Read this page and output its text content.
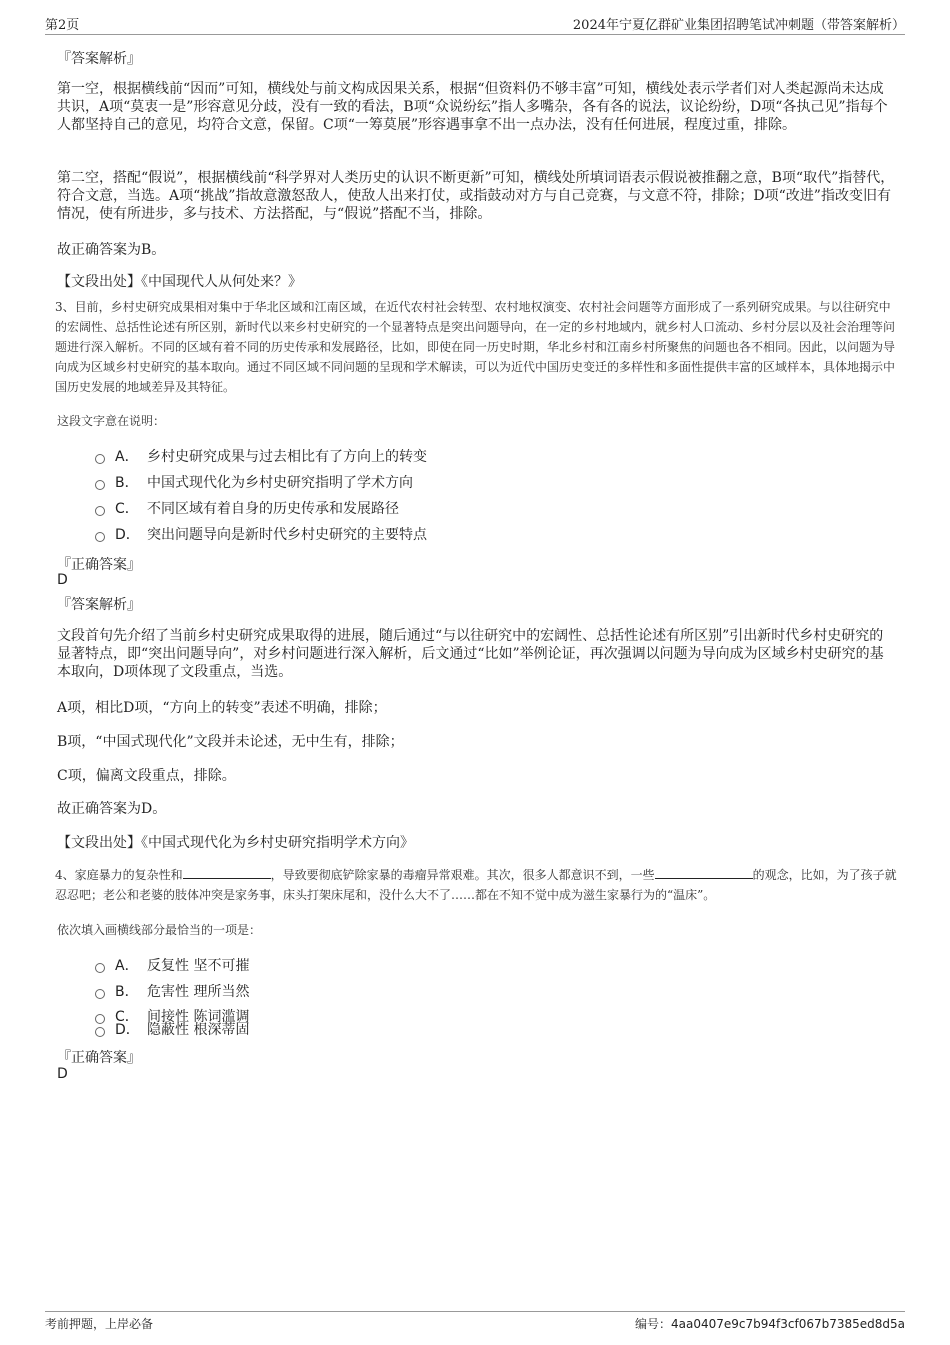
第2页	2024年宁夏亿群矿业集团招聘笔试冲刺题（带答案解析）
『答案解析』

第一空，根据横线前“因而”可知，横线处与前文构成因果关系，根据“但资料仍不够丰富”可知，横线处表示学者们对人类起源尚未达成共识，A项“莫衷一是”形容意见分歧，没有一致的看法，B项“众说纷纭”指人多嘴杂，各有各的说法，议论纷纷，D项“各执己见”指每个人都坚持自己的意见，均符合文意，保留。C项“一筹莫展”形容遇事拿不出一点办法，没有任何进展，程度过重，排除。

第二空，搭配“假说”，根据横线前“科学界对人类历史的认识不断更新”可知，横线处所填词语表示假说被推翻之意，B项“取代”指替代，符合文意，当选。A项“挑战”指故意激怒敌人，使敌人出来打仗，或指鼓动对方与自己竞赛，与文意不符，排除；D项“改进”指改变旧有情况，使有所进步，多与技术、方法搭配，与“假说”搭配不当，排除。

故正确答案为B。
【文段出处】《中国现代人从何处来？》

3、目前，乡村史研究成果相对集中于华北区域和江南区域，在近代农村社会转型、农村地权演变、农村社会问题等方面形成了一系列研究成果。与以往研究中的宏阔性、总括性论述有所区别，新时代以来乡村史研究的一个显著特点是突出问题导向，在一定的乡村地域内，就乡村人口流动、乡村分层以及社会治理等问题进行深入解析。不同的区域有着不同的历史传承和发展路径，比如，即使在同一历史时期，华北乡村和江南乡村所聚焦的问题也各不相同。因此，以问题为导向成为区域乡村史研究的基本取向。通过不同区域不同问题的呈现和学术解读，可以为近代中国历史变迁的多样性和多面性提供丰富的区域样本，具体地揭示中国历史发展的地域差异及其特征。

这段文字意在说明：
A． 乡村史研究成果与过去相比有了方向上的转变
B． 中国式现代化为乡村史研究指明了学术方向
C． 不同区域有着自身的历史传承和发展路径
D． 突出问题导向是新时代乡村史研究的主要特点
『正确答案』
D
『答案解析』

文段首句先介绍了当前乡村史研究成果取得的进展，随后通过“与以往研究中的宏阔性、总括性论述有所区别”引出新时代乡村史研究的显著特点，即“突出问题导向”，对乡村问题进行深入解析，后文通过“比如”举例论证，再次强调以问题为导向成为区域乡村史研究的基本取向，D项体现了文段重点，当选。

A项，相比D项，“方向上的转变”表述不明确，排除；
B项，“中国式现代化”文段并未论述，无中生有，排除；
C项，偏离文段重点，排除。
故正确答案为D。
【文段出处】《中国式现代化为乡村史研究指明学术方向》

4、家庭暴力的复杂性和	，导致要彻底铲除家暴的毒瘤异常艰难。其次，很多人都意识不到，一些	的观念，比如，为了孩子就忍忍吧；老公和老婆的肢体冲突是家务事，床头打架床尾和，没什么大不了……都在不知不觉中成为滋生家暴行为的“温床”。

依次填入画横线部分最恰当的一项是：
A． 反复性 坚不可摧
B． 危害性 理所当然
C． 间接性 陈词滥调
D． 隐蔽性 根深蒂固
『正确答案』
D
考前押题，上岸必备	编号：4aa0407e9c7b94f3cf067b7385ed8d5a
